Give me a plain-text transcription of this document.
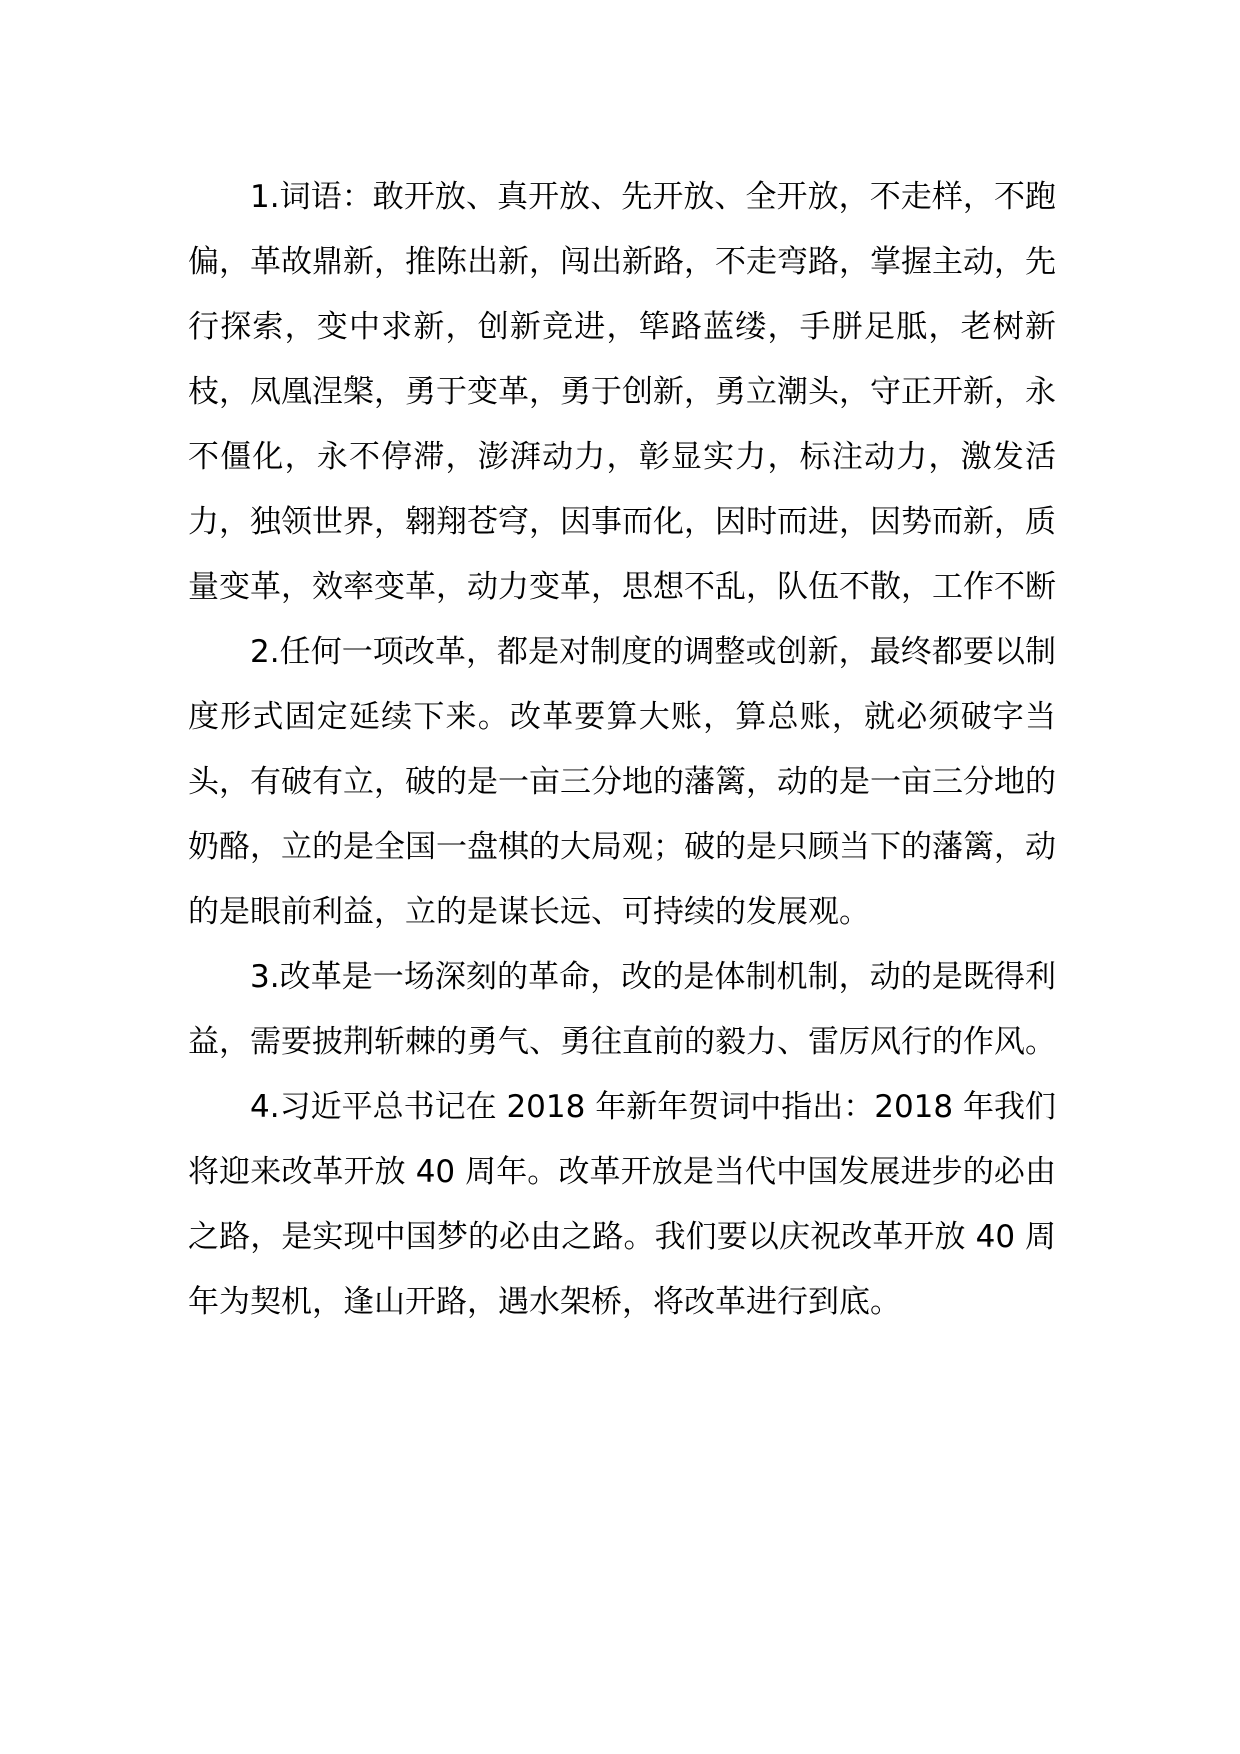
1.词语：敢开放、真开放、先开放、全开放，不走样，不跑偏，革故鼎新，推陈出新，闯出新路，不走弯路，掌握主动，先行探索，变中求新，创新竞进，筚路蓝缕，手胼足胝，老树新枝，凤凰涅槃，勇于变革，勇于创新，勇立潮头，守正开新，永不僵化，永不停滞，澎湃动力，彰显实力，标注动力，激发活力，独领世界，翱翔苍穹，因事而化，因时而进，因势而新，质量变革，效率变革，动力变革，思想不乱，队伍不散，工作不断

2.任何一项改革，都是对制度的调整或创新，最终都要以制度形式固定延续下来。改革要算大账，算总账，就必须破字当头，有破有立，破的是一亩三分地的藩篱，动的是一亩三分地的奶酪，立的是全国一盘棋的大局观；破的是只顾当下的藩篱，动的是眼前利益，立的是谋长远、可持续的发展观。

3.改革是一场深刻的革命，改的是体制机制，动的是既得利益，需要披荆斩棘的勇气、勇往直前的毅力、雷厉风行的作风。

4.习近平总书记在 2018 年新年贺词中指出：2018 年我们将迎来改革开放 40 周年。改革开放是当代中国发展进步的必由之路，是实现中国梦的必由之路。我们要以庆祝改革开放 40 周年为契机，逢山开路，遇水架桥，将改革进行到底。
